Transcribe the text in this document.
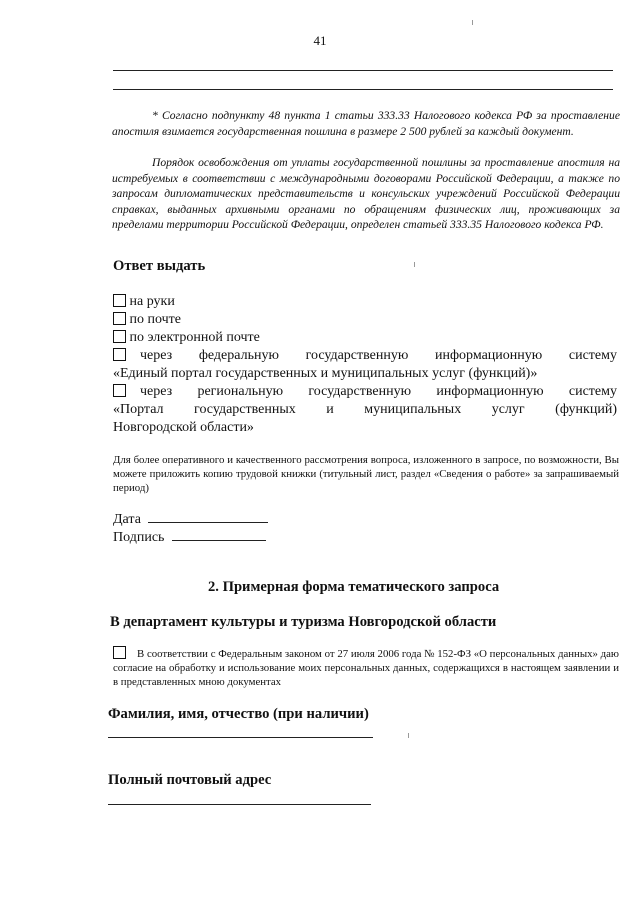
41
* Согласно подпункту 48 пункта 1 статьи 333.33 Налогового кодекса РФ за проставление апостиля взимается государственная пошлина в размере 2 500 рублей за каждый документ.
Порядок освобождения от уплаты государственной пошлины за проставление апостиля на истребуемых в соответствии с международными договорами Российской Федерации, а также по запросам дипломатических представительств и консульских учреждений Российской Федерации справках, выданных архивными органами по обращениям физических лиц, проживающих за пределами территории Российской Федерации, определен статьей 333.35 Налогового кодекса РФ.
Ответ выдать
на руки
по почте
по электронной почте
через федеральную государственную информационную систему
«Единый портал государственных и муниципальных услуг (функций)»
через региональную государственную информационную систему
«Портал государственных и муниципальных услуг (функций)
Новгородской области»
Для более оперативного и качественного рассмотрения вопроса, изложенного в запросе, по возможности, Вы можете приложить копию трудовой книжки (титульный лист, раздел «Сведения о работе» за запрашиваемый период)
Дата
Подпись
2. Примерная форма тематического запроса
В департамент культуры и туризма Новгородской области
В соответствии с Федеральным законом от 27 июля 2006 года № 152-ФЗ «О персональных данных» даю согласие на обработку и использование моих персональных данных, содержащихся в настоящем заявлении и в представленных мною документах
Фамилия, имя, отчество (при наличии)
Полный почтовый адрес
